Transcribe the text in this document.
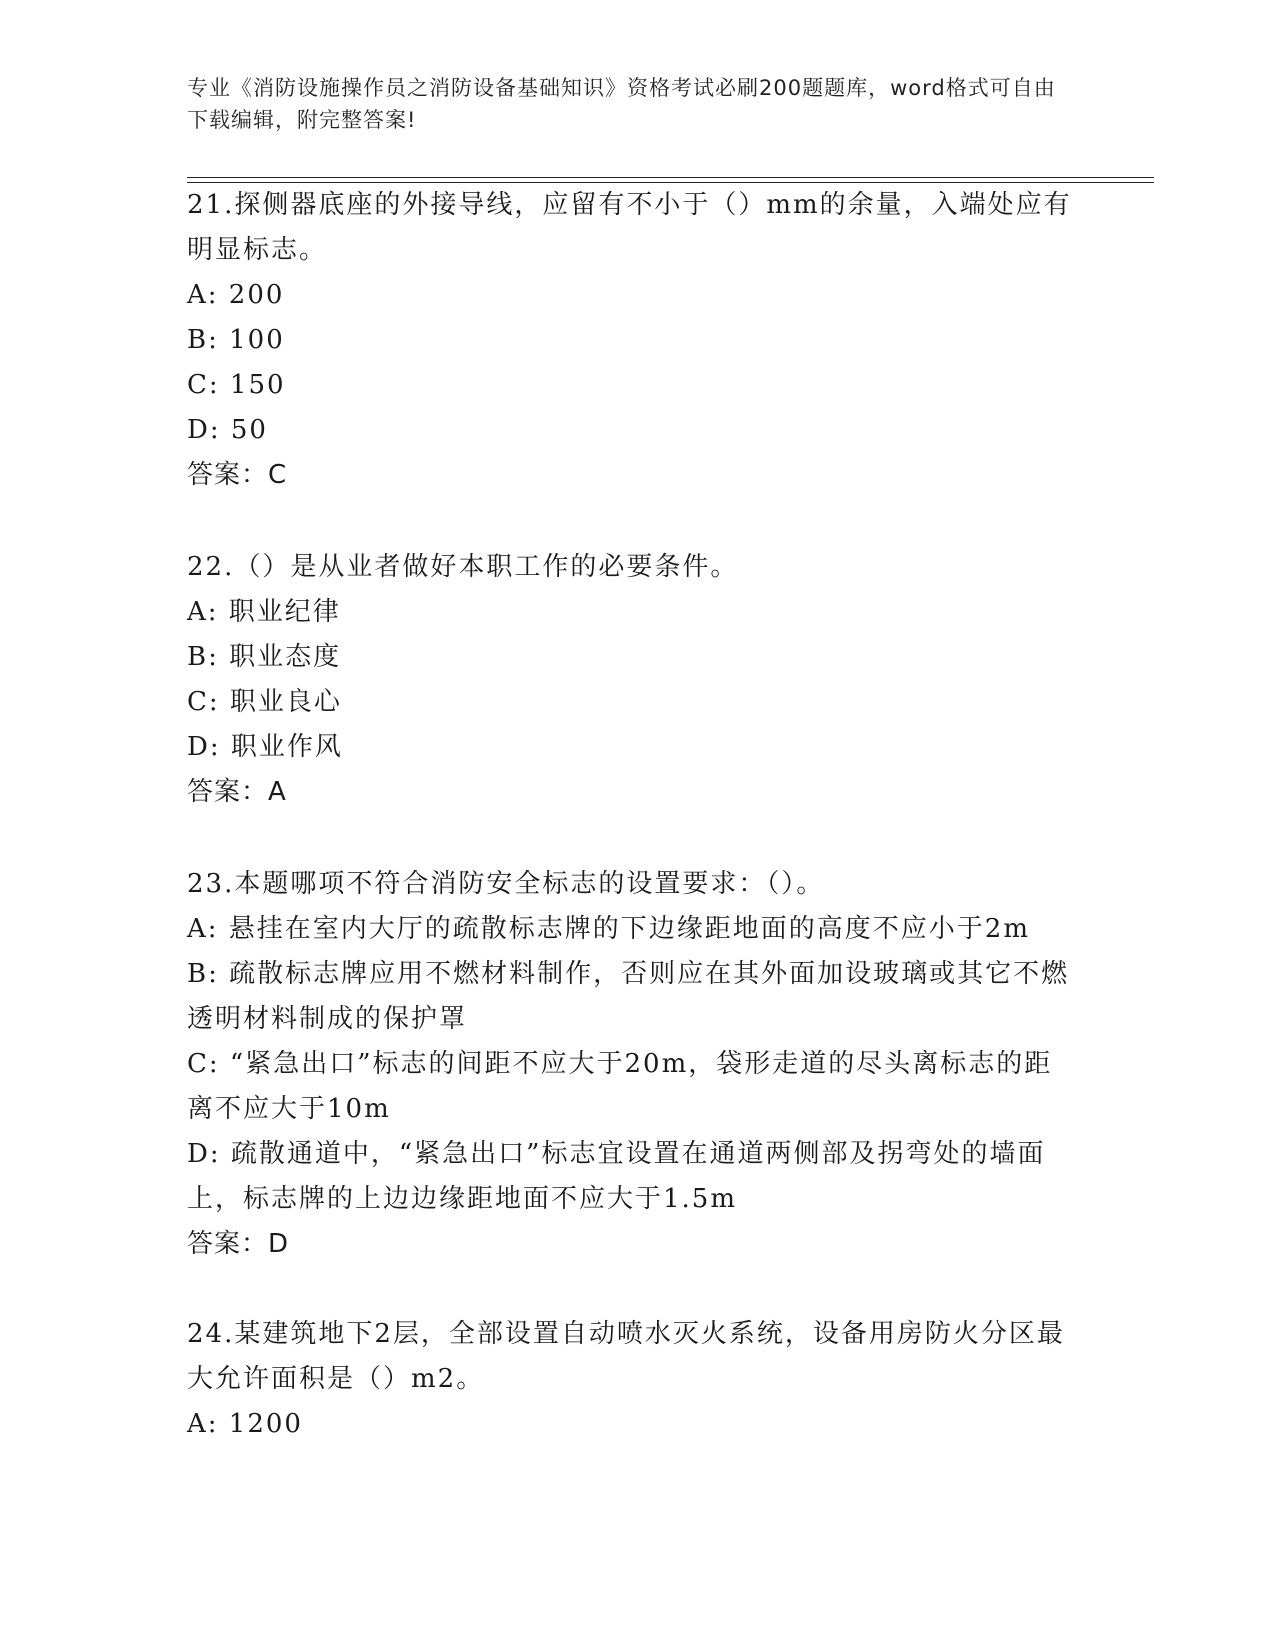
专业《消防设施操作员之消防设备基础知识》资格考试必刷200题题库，word格式可自由下载编辑，附完整答案!
21.探侧器底座的外接导线，应留有不小于（）mm的余量，入端处应有明显标志。
A: 200
B: 100
C: 150
D: 50
答案：C
22.（）是从业者做好本职工作的必要条件。
A: 职业纪律
B: 职业态度
C: 职业良心
D: 职业作风
答案：A
23.本题哪项不符合消防安全标志的设置要求：（）。
A: 悬挂在室内大厅的疏散标志牌的下边缘距地面的高度不应小于2m
B: 疏散标志牌应用不燃材料制作，否则应在其外面加设玻璃或其它不燃透明材料制成的保护罩
C: “紧急出口”标志的间距不应大于20m，袋形走道的尽头离标志的距离不应大于10m
D: 疏散通道中，“紧急出口”标志宜设置在通道两侧部及拐弯处的墙面上，标志牌的上边边缘距地面不应大于1.5m
答案：D
24.某建筑地下2层，全部设置自动喷水灭火系统，设备用房防火分区最大允许面积是（）m2。
A: 1200
